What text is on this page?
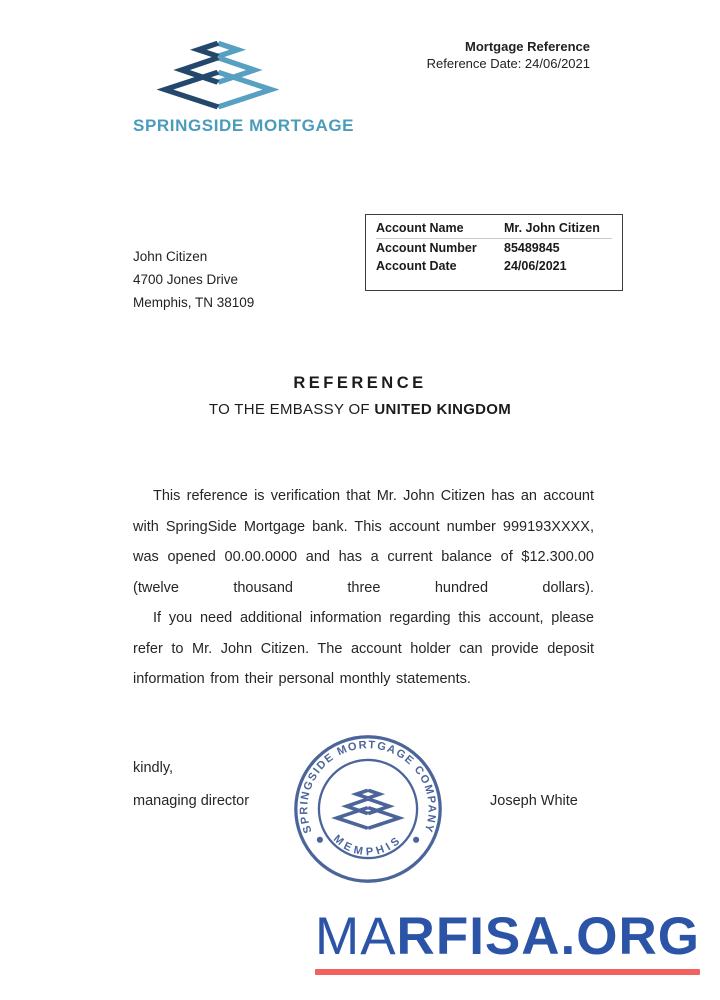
SPRINGSIDE MORTGAGE
Mortgage Reference
Reference Date: 24/06/2021
John Citizen
4700 Jones Drive
Memphis, TN 38109
Account Name	Mr. John Citizen
Account Number	85489845
Account Date	24/06/2021
REFERENCE
TO THE EMBASSY OF UNITED KINGDOM

This reference is verification that Mr. John Citizen has an account with SpringSide Mortgage bank. This account number 999193XXXX, was opened 00.00.0000 and has a current balance of $12.300.00 (twelve thousand three hundred dollars).

If you need additional information regarding this account, please refer to Mr. John Citizen. The account holder can provide deposit information from their personal monthly statements.

kindly,
managing director	Joseph White
SPRINGSIDE MORTGAGE COMPANY
MEMPHIS
MARFISA.ORG
